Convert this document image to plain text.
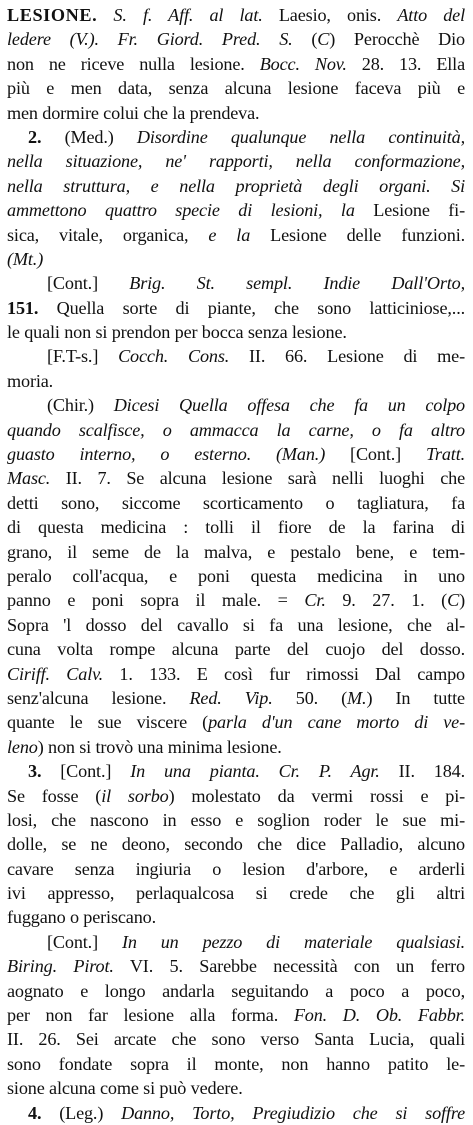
LESIONE. S. f. Aff. al lat. Laesio, onis. Atto del
ledere (V.). Fr. Giord. Pred. S. (C) Perocchè Dio
non ne riceve nulla lesione. Bocc. Nov. 28. 13. Ella
più e men data, senza alcuna lesione faceva più e
men dormire colui che la prendeva.
2. (Med.) Disordine qualunque nella continuità,
nella situazione, ne' rapporti, nella conformazione,
nella struttura, e nella proprietà degli organi. Si
ammettono quattro specie di lesioni, la Lesione fi-
sica, vitale, organica, e la Lesione delle funzioni.
(Mt.)
[Cont.] Brig. St. sempl. Indie Dall'Orto,
151. Quella sorte di piante, che sono latticiniose,...
le quali non si prendon per bocca senza lesione.
[F.T-s.] Cocch. Cons. II. 66. Lesione di me-
moria.
(Chir.) Dicesi Quella offesa che fa un colpo
quando scalfisce, o ammacca la carne, o fa altro
guasto interno, o esterno. (Man.) [Cont.] Tratt.
Masc. II. 7. Se alcuna lesione sarà nelli luoghi che
detti sono, siccome scorticamento o tagliatura, fa
di questa medicina : tolli il fiore de la farina di
grano, il seme de la malva, e pestalo bene, e tem-
peralo coll'acqua, e poni questa medicina in uno
panno e poni sopra il male. = Cr. 9. 27. 1. (C)
Sopra 'l dosso del cavallo si fa una lesione, che al-
cuna volta rompe alcuna parte del cuojo del dosso.
Ciriff. Calv. 1. 133. E così fur rimossi Dal campo
senz'alcuna lesione. Red. Vip. 50. (M.) In tutte
quante le sue viscere (parla d'un cane morto di ve-
leno) non si trovò una minima lesione.
3. [Cont.] In una pianta. Cr. P. Agr. II. 184.
Se fosse (il sorbo) molestato da vermi rossi e pi-
losi, che nascono in esso e soglion roder le sue mi-
dolle, se ne deono, secondo che dice Palladio, alcuno
cavare senza ingiuria o lesion d'arbore, e arderli
ivi appresso, perlaqualcosa si crede che gli altri
fuggano o periscano.
[Cont.] In un pezzo di materiale qualsiasi.
Biring. Pirot. VI. 5. Sarebbe necessità con un ferro
aognato e longo andarla seguitando a poco a poco,
per non far lesione alla forma. Fon. D. Ob. Fabbr.
II. 26. Sei arcate che sono verso Santa Lucia, quali
sono fondate sopra il monte, non hanno patito le-
sione alcuna come si può vedere.
4. (Leg.) Danno, Torto, Pregiudizio che si soffre
